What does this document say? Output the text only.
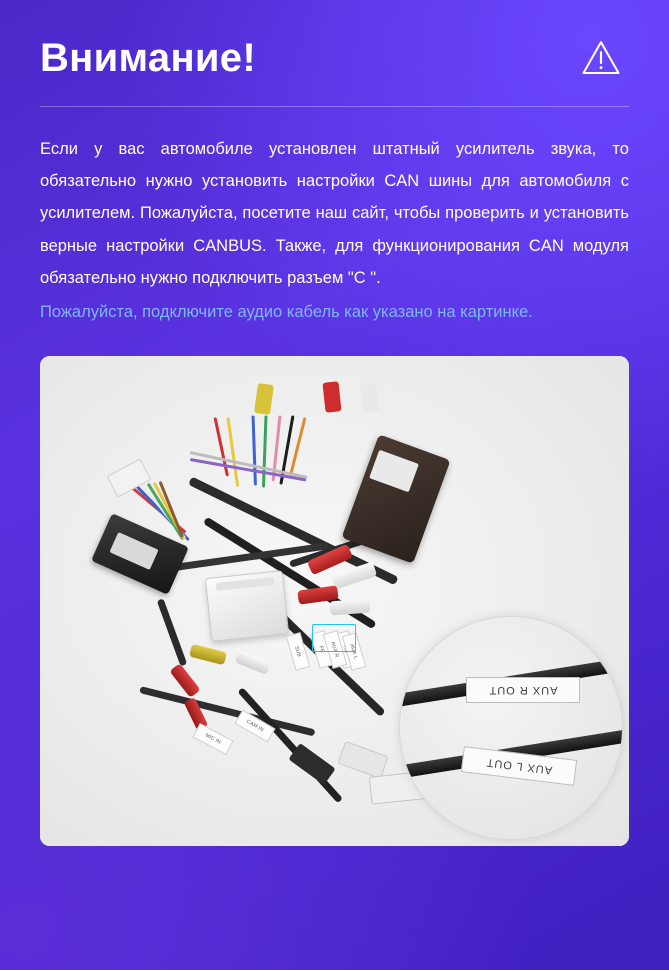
Внимание!
Если у вас автомобиле установлен штатный усилитель звука, то обязательно нужно установить настройки CAN шины для автомобиля с усилителем. Пожалуйста, посетите наш сайт, чтобы проверить и установить верные настройки CANBUS. Также, для функционирования CAN модуля обязательно нужно подключить разъем "C ".
Пожалуйста, подключите аудио кабель как указано на картинке.
MIC IN
CAM IN
SUB	FR AUX R	AUX L
AUX R OUT
AUX L OUT
